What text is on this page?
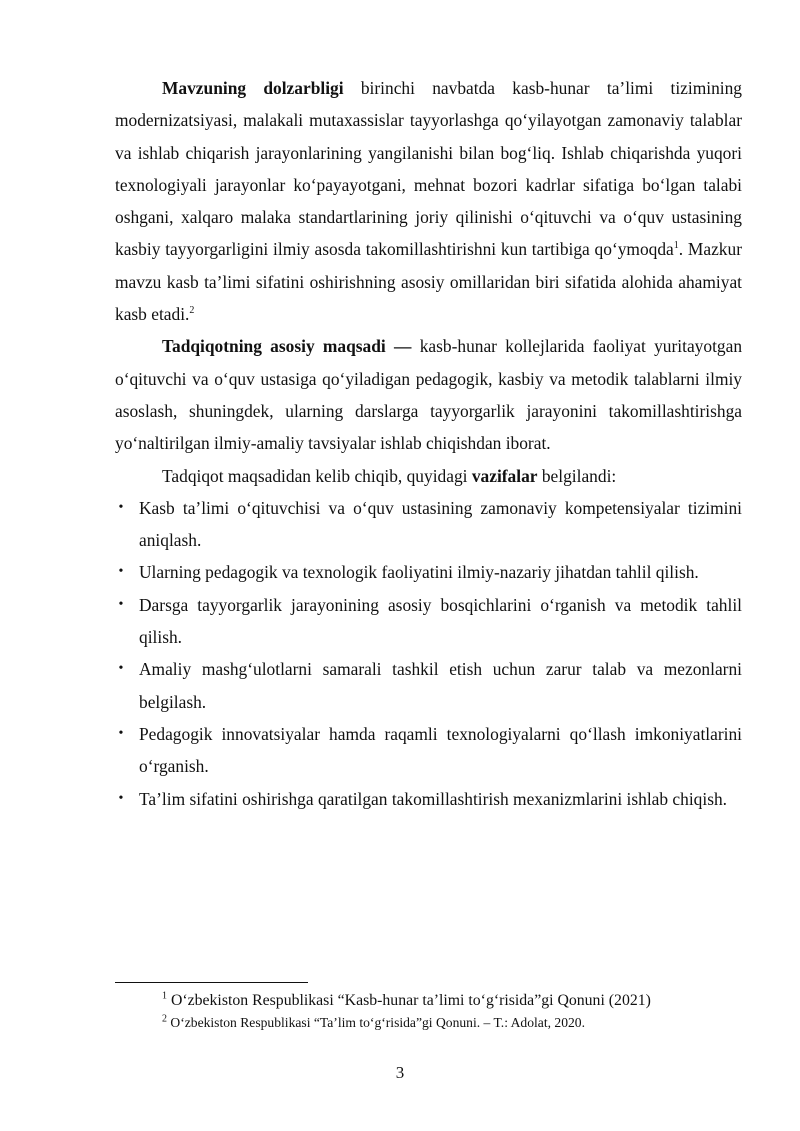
Mavzuning dolzarbligi birinchi navbatda kasb-hunar ta’limi tizimining modernizatsiyasi, malakali mutaxassislar tayyorlashga qo‘yilayotgan zamonaviy talablar va ishlab chiqarish jarayonlarining yangilanishi bilan bog‘liq. Ishlab chiqarishda yuqori texnologiyali jarayonlar ko‘payayotgani, mehnat bozori kadrlar sifatiga bo‘lgan talabi oshgani, xalqaro malaka standartlarining joriy qilinishi o‘qituvchi va o‘quv ustasining kasbiy tayyorgarligini ilmiy asosda takomillashtirishni kun tartibiga qo‘ymoqda$^1$. Mazkur mavzu kasb ta’limi sifatini oshirishning asosiy omillaridan biri sifatida alohida ahamiyat kasb etadi.$^2$

Tadqiqotning asosiy maqsadi — kasb-hunar kollejlarida faoliyat yuritayotgan o‘qituvchi va o‘quv ustasiga qo‘yiladigan pedagogik, kasbiy va metodik talablarni ilmiy asoslash, shuningdek, ularning darslarga tayyorgarlik jarayonini takomillashtirishga yo‘naltirilgan ilmiy-amaliy tavsiyalar ishlab chiqishdan iborat.

Tadqiqot maqsadidan kelib chiqib, quyidagi vazifalar belgilandi:

• Kasb ta’limi o‘qituvchisi va o‘quv ustasining zamonaviy kompetensiyalar tizimini aniqlash.
• Ularning pedagogik va texnologik faoliyatini ilmiy-nazariy jihatdan tahlil qilish.
• Darsga tayyorgarlik jarayonining asosiy bosqichlarini o‘rganish va metodik tahlil qilish.
• Amaliy mashg‘ulotlarni samarali tashkil etish uchun zarur talab va mezonlarni belgilash.
• Pedagogik innovatsiyalar hamda raqamli texnologiyalarni qo‘llash imkoniyatlarini o‘rganish.
• Ta’lim sifatini oshirishga qaratilgan takomillashtirish mexanizmlarini ishlab chiqish.
$^1$ O‘zbekiston Respublikasi “Kasb-hunar ta’limi to‘g‘risida”gi Qonuni (2021)
$^2$ O‘zbekiston Respublikasi “Ta’lim to‘g‘risida”gi Qonuni. – T.: Adolat, 2020.
3
